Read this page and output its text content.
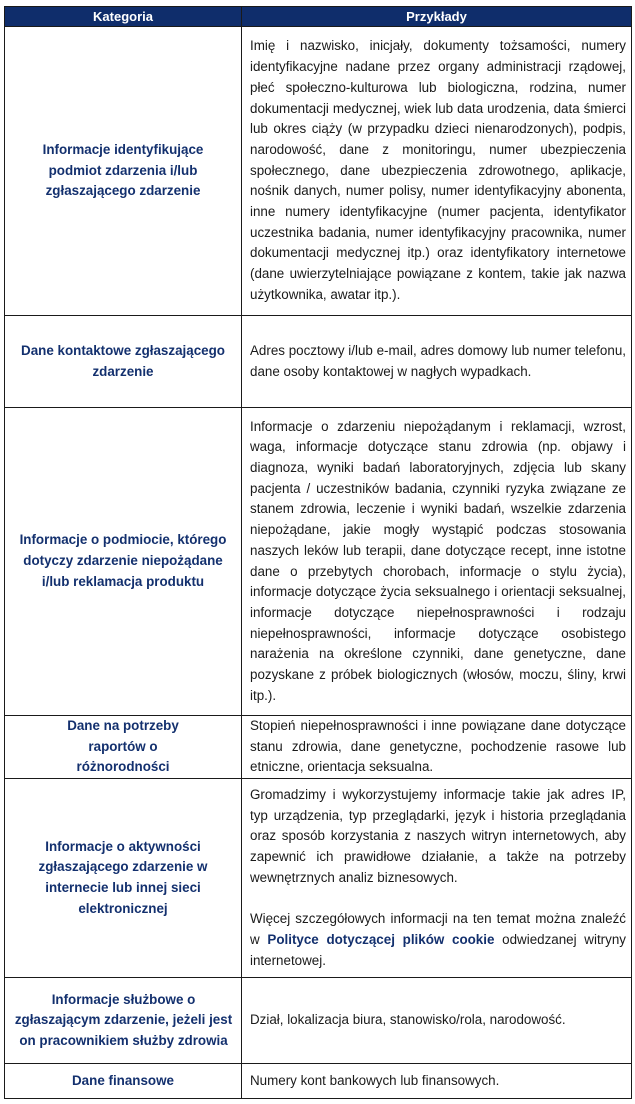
Kategoria	Przykłady
Informacje identyfikujące podmiot zdarzenia i/lub zgłaszającego zdarzenie	Imię i nazwisko, inicjały, dokumenty tożsamości, numery identyfikacyjne nadane przez organy administracji rządowej, płeć społeczno-kulturowa lub biologiczna, rodzina, numer dokumentacji medycznej, wiek lub data urodzenia, data śmierci lub okres ciąży (w przypadku dzieci nienarodzonych), podpis, narodowość, dane z monitoringu, numer ubezpieczenia społecznego, dane ubezpieczenia zdrowotnego, aplikacje, nośnik danych, numer polisy, numer identyfikacyjny abonenta, inne numery identyfikacyjne (numer pacjenta, identyfikator uczestnika badania, numer identyfikacyjny pracownika, numer dokumentacji medycznej itp.) oraz identyfikatory internetowe (dane uwierzytelniające powiązane z kontem, takie jak nazwa użytkownika, awatar itp.).
Dane kontaktowe zgłaszającego zdarzenie	Adres pocztowy i/lub e-mail, adres domowy lub numer telefonu, dane osoby kontaktowej w nagłych wypadkach.
Informacje o podmiocie, którego dotyczy zdarzenie niepożądane i/lub reklamacja produktu	Informacje o zdarzeniu niepożądanym i reklamacji, wzrost, waga, informacje dotyczące stanu zdrowia (np. objawy i diagnoza, wyniki badań laboratoryjnych, zdjęcia lub skany pacjenta / uczestników badania, czynniki ryzyka związane ze stanem zdrowia, leczenie i wyniki badań, wszelkie zdarzenia niepożądane, jakie mogły wystąpić podczas stosowania naszych leków lub terapii, dane dotyczące recept, inne istotne dane o przebytych chorobach, informacje o stylu życia), informacje dotyczące życia seksualnego i orientacji seksualnej, informacje dotyczące niepełnosprawności i rodzaju niepełnosprawności, informacje dotyczące osobistego narażenia na określone czynniki, dane genetyczne, dane pozyskane z próbek biologicznych (włosów, moczu, śliny, krwi itp.).
Dane na potrzeby raportów o różnorodności	Stopień niepełnosprawności i inne powiązane dane dotyczące stanu zdrowia, dane genetyczne, pochodzenie rasowe lub etniczne, orientacja seksualna.
Informacje o aktywności zgłaszającego zdarzenie w internecie lub innej sieci elektronicznej	Gromadzimy i wykorzystujemy informacje takie jak adres IP, typ urządzenia, typ przeglądarki, język i historia przeglądania oraz sposób korzystania z naszych witryn internetowych, aby zapewnić ich prawidłowe działanie, a także na potrzeby wewnętrznych analiz biznesowych.
Więcej szczegółowych informacji na ten temat można znaleźć w Polityce dotyczącej plików cookie odwiedzanej witryny internetowej.

Informacje służbowe o zgłaszającym zdarzenie, jeżeli jest on pracownikiem służby zdrowia	Dział, lokalizacja biura, stanowisko/rola, narodowość.
Dane finansowe	Numery kont bankowych lub finansowych.
